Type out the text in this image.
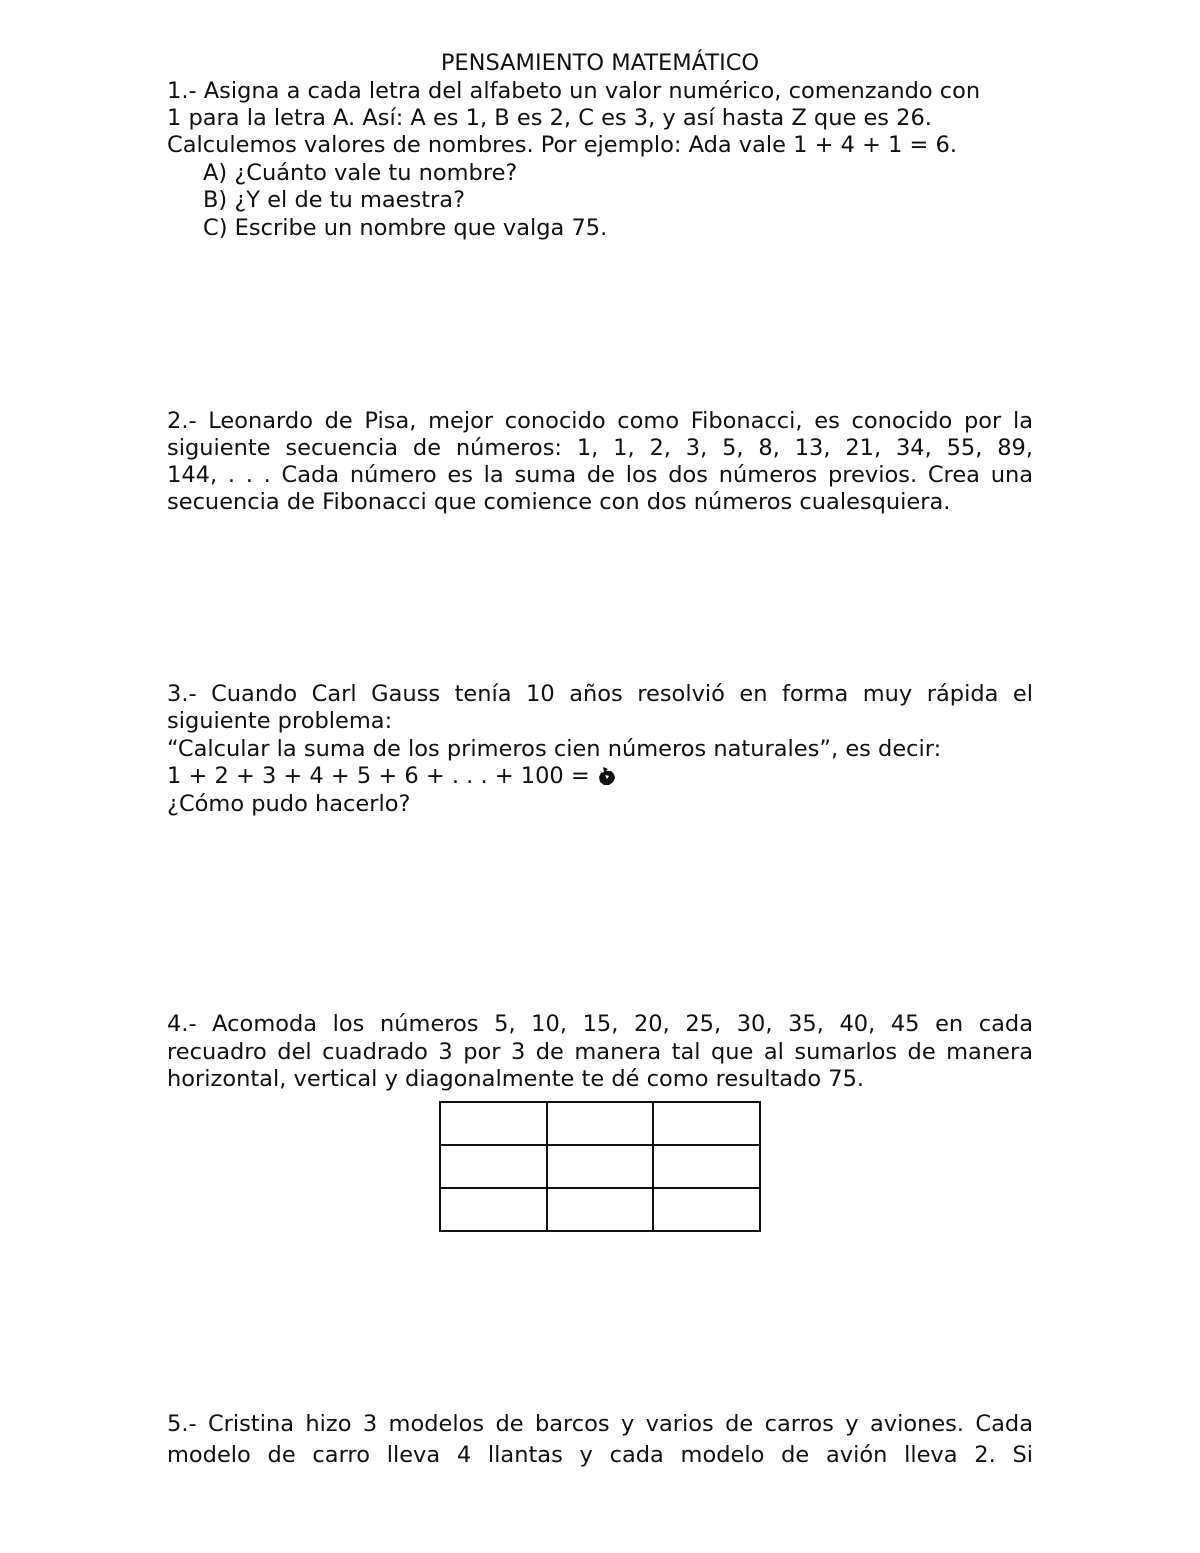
PENSAMIENTO MATEMÁTICO
1.- Asigna a cada letra del alfabeto un valor numérico, comenzando con
1 para la letra A. Así: A es 1, B es 2, C es 3, y así hasta Z que es 26.
Calculemos valores de nombres. Por ejemplo: Ada vale 1 + 4 + 1 = 6.
A) ¿Cuánto vale tu nombre?
B) ¿Y el de tu maestra?
C) Escribe un nombre que valga 75.
2.- Leonardo de Pisa, mejor conocido como Fibonacci, es conocido por la
siguiente secuencia de números: 1, 1, 2, 3, 5, 8, 13, 21, 34, 55, 89,
144, . . . Cada número es la suma de los dos números previos. Crea una
secuencia de Fibonacci que comience con dos números cualesquiera.
3.- Cuando Carl Gauss tenía 10 años resolvió en forma muy rápida el
siguiente problema:
“Calcular la suma de los primeros cien números naturales”, es decir:
1 + 2 + 3 + 4 + 5 + 6 + . . . + 100 =
¿Cómo pudo hacerlo?
4.- Acomoda los números 5, 10, 15, 20, 25, 30, 35, 40, 45 en cada
recuadro del cuadrado 3 por 3 de manera tal que al sumarlos de manera
horizontal, vertical y diagonalmente te dé como resultado 75.

5.- Cristina hizo 3 modelos de barcos y varios de carros y aviones. Cada
modelo de carro lleva 4 llantas y cada modelo de avión lleva 2. Si
